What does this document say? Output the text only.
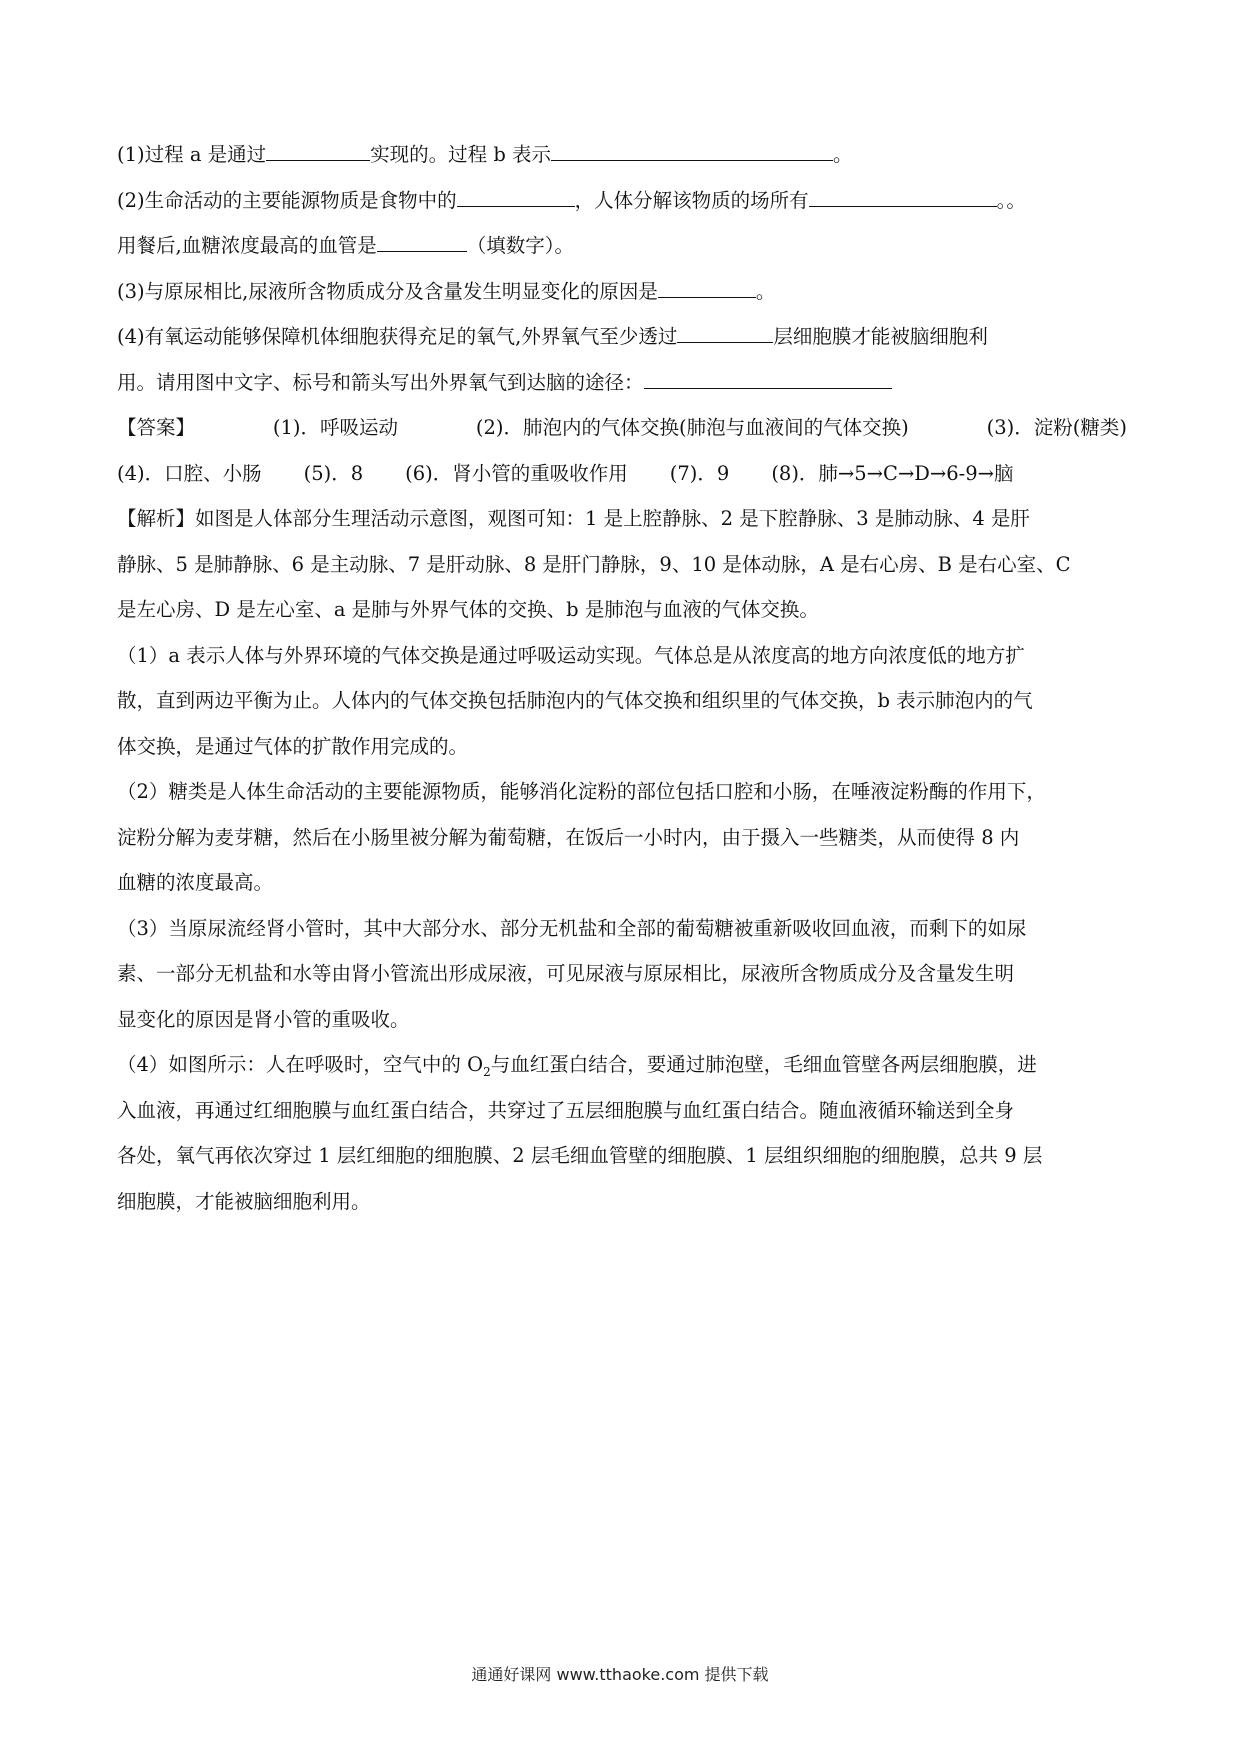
(1)过程 a 是通过	实现的。过程 b 表示	。
(2)生命活动的主要能源物质是食物中的	，人体分解该物质的场所有	。。
用餐后,血糖浓度最高的血管是	（填数字）。
(3)与原尿相比,尿液所含物质成分及含量发生明显变化的原因是	。
(4)有氧运动能够保障机体细胞获得充足的氧气,外界氧气至少透过	层细胞膜才能被脑细胞利
用。请用图中文字、标号和箭头写出外界氧气到达脑的途径：
【答案】	(1)．呼吸运动	(2)．肺泡内的气体交换(肺泡与血液间的气体交换)	(3)．淀粉(糖类)
(4)．口腔、小肠 (5)．8 (6)．肾小管的重吸收作用 (7)．9 (8)．肺→5→C→D→6-9→脑
【解析】如图是人体部分生理活动示意图，观图可知：1 是上腔静脉、2 是下腔静脉、3 是肺动脉、4 是肝
静脉、5 是肺静脉、6 是主动脉、7 是肝动脉、8 是肝门静脉，9、10 是体动脉，A 是右心房、B 是右心室、C
是左心房、D 是左心室、a 是肺与外界气体的交换、b 是肺泡与血液的气体交换。
（1）a 表示人体与外界环境的气体交换是通过呼吸运动实现。气体总是从浓度高的地方向浓度低的地方扩
散，直到两边平衡为止。人体内的气体交换包括肺泡内的气体交换和组织里的气体交换，b 表示肺泡内的气
体交换，是通过气体的扩散作用完成的。
（2）糖类是人体生命活动的主要能源物质，能够消化淀粉的部位包括口腔和小肠，在唾液淀粉酶的作用下，
淀粉分解为麦芽糖，然后在小肠里被分解为葡萄糖，在饭后一小时内，由于摄入一些糖类，从而使得 8 内
血糖的浓度最高。
（3）当原尿流经肾小管时，其中大部分水、部分无机盐和全部的葡萄糖被重新吸收回血液，而剩下的如尿
素、一部分无机盐和水等由肾小管流出形成尿液，可见尿液与原尿相比，尿液所含物质成分及含量发生明
显变化的原因是肾小管的重吸收。
（4）如图所示：人在呼吸时，空气中的 $O_2$与血红蛋白结合，要通过肺泡壁，毛细血管壁各两层细胞膜，进
入血液，再通过红细胞膜与血红蛋白结合，共穿过了五层细胞膜与血红蛋白结合。随血液循环输送到全身
各处，氧气再依次穿过 1 层红细胞的细胞膜、2 层毛细血管壁的细胞膜、1 层组织细胞的细胞膜，总共 9 层
细胞膜，才能被脑细胞利用。
通通好课网 www.tthaoke.com 提供下载
